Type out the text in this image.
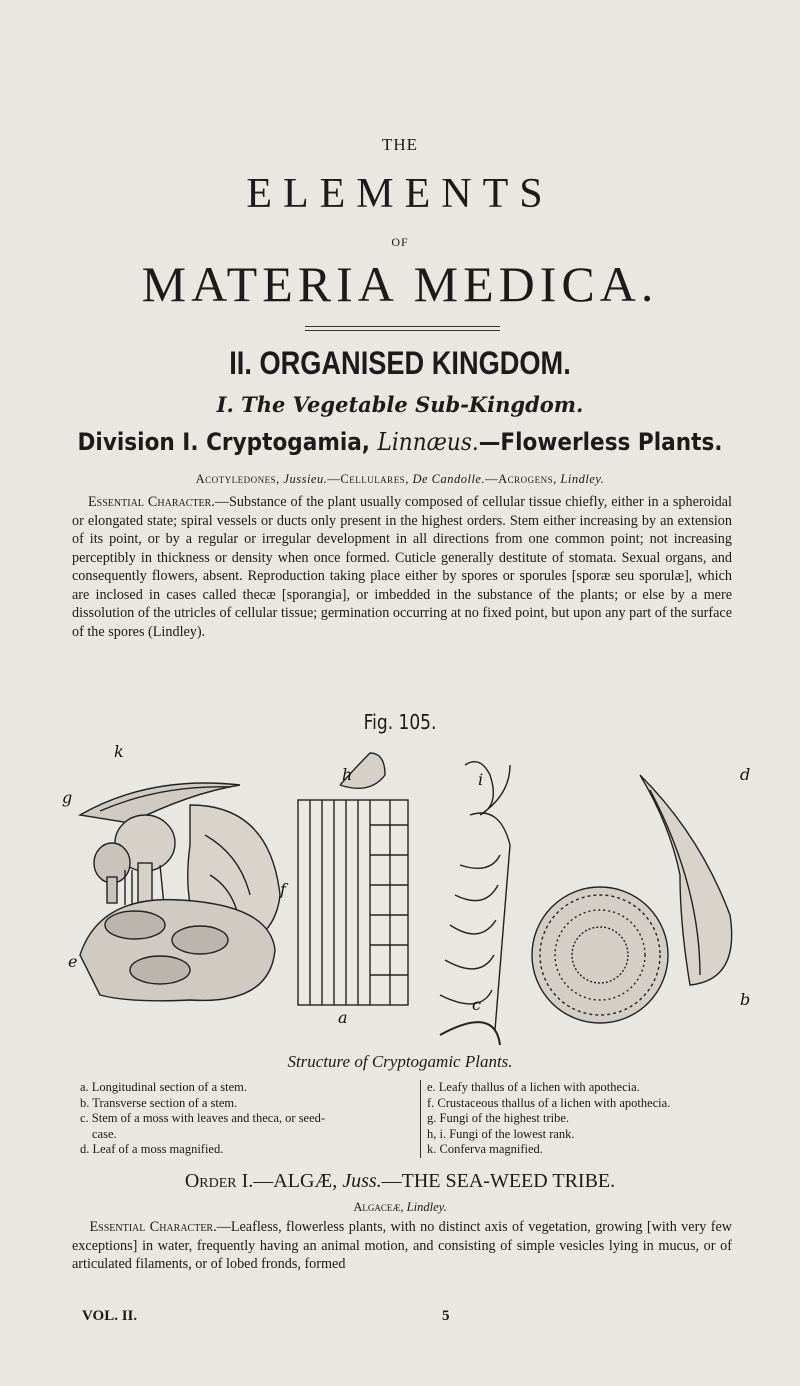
THE
ELEMENTS
OF
MATERIA MEDICA.
II. ORGANISED KINGDOM.
I. The Vegetable Sub-Kingdom.
Division I. Cryptogamia, Linnæus.—Flowerless Plants.
Acotyledones, Jussieu.—Cellulares, De Candolle.—Acrogens, Lindley.
Essential Character.—Substance of the plant usually composed of cellular tissue chiefly, either in a spheroidal or elongated state; spiral vessels or ducts only present in the highest orders. Stem either increasing by an extension of its point, or by a regular or irregular development in all directions from one common point; not increasing perceptibly in thickness or density when once formed. Cuticle generally destitute of stomata. Sexual organs, and consequently flowers, absent. Reproduction taking place either by spores or sporules [sporæ seu sporulæ], which are inclosed in cases called thecæ [sporangia], or imbedded in the substance of the plants; or else by a mere dissolution of the utricles of cellular tissue; germination occurring at no fixed point, but upon any part of the surface of the spores (Lindley).
Fig. 105.
k
g
f
e
h
a
i
c
d
b
Structure of Cryptogamic Plants.
a. Longitudinal section of a stem.
b. Transverse section of a stem.
c. Stem of a moss with leaves and theca, or seed-
case.
d. Leaf of a moss magnified.
e. Leafy thallus of a lichen with apothecia.
f. Crustaceous thallus of a lichen with apothecia.
g. Fungi of the highest tribe.
h, i. Fungi of the lowest rank.
k. Conferva magnified.
Order I.—ALGÆ, Juss.—THE SEA-WEED TRIBE.
Algaceæ, Lindley.
Essential Character.—Leafless, flowerless plants, with no distinct axis of vegetation, growing [with very few exceptions] in water, frequently having an animal motion, and consisting of simple vesicles lying in mucus, or of articulated filaments, or of lobed fronds, formed
VOL. II.	5
